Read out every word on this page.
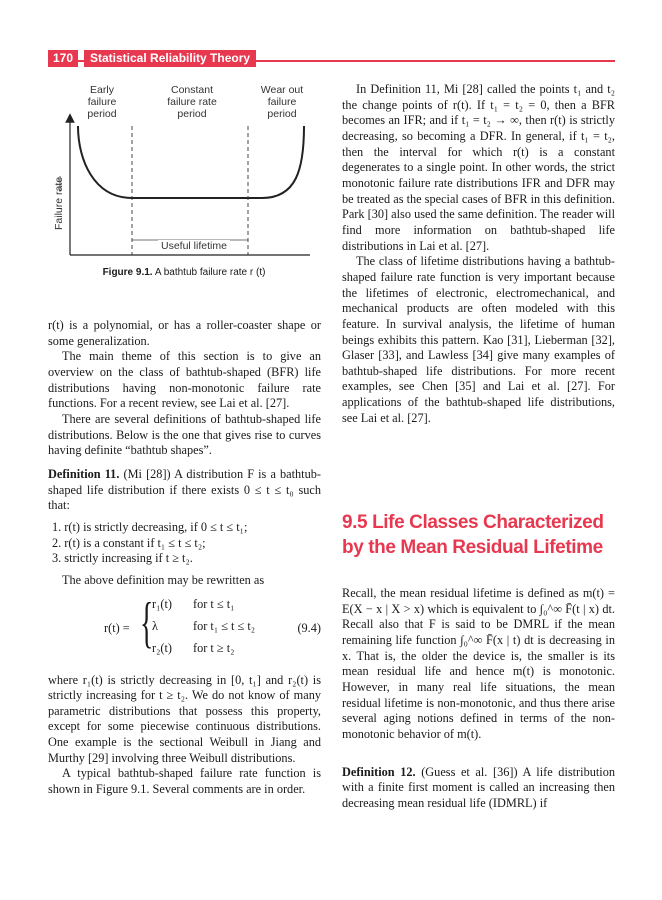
170	Statistical Reliability Theory
Early
failure
period
Constant
failure rate
period
Wear out
failure
period
Failure rate
Useful lifetime
Figure 9.1. A bathtub failure rate r (t)

r(t) is a polynomial, or has a roller-coaster shape or some generalization.

The main theme of this section is to give an overview on the class of bathtub-shaped (BFR) life distributions having non-monotonic failure rate functions. For a recent review, see Lai et al. [27].

There are several definitions of bathtub-shaped life distributions. Below is the one that gives rise to curves having definite “bathtub shapes”.

Definition 11. (Mi [28]) A distribution F is a bathtub-shaped life distribution if there exists 0 ≤ t ≤ t₀ such that:

1. r(t) is strictly decreasing, if 0 ≤ t ≤ t₁;
2. r(t) is a constant if t₁ ≤ t ≤ t₂;
3. strictly increasing if t ≥ t₂.

The above definition may be rewritten as

r(t) = {
r₁(t)
λ
r₂(t)
for t ≤ t₁
for t₁ ≤ t ≤ t₂
for t ≥ t₂
(9.4)

where r₁(t) is strictly decreasing in [0, t₁] and r₂(t) is strictly increasing for t ≥ t₂. We do not know of many parametric distributions that possess this property, except for some piecewise continuous distributions. One example is the sectional Weibull in Jiang and Murthy [29] involving three Weibull distributions.

A typical bathtub-shaped failure rate function is shown in Figure 9.1. Several comments are in order.

In Definition 11, Mi [28] called the points t₁ and t₂ the change points of r(t). If t₁ = t₂ = 0, then a BFR becomes an IFR; and if t₁ = t₂ → ∞, then r(t) is strictly decreasing, so becoming a DFR. In general, if t₁ = t₂, then the interval for which r(t) is a constant degenerates to a single point. In other words, the strict monotonic failure rate distributions IFR and DFR may be treated as the special cases of BFR in this definition. Park [30] also used the same definition. The reader will find more information on bathtub-shaped life distributions in Lai et al. [27].

The class of lifetime distributions having a bathtub-shaped failure rate function is very important because the lifetimes of electronic, electromechanical, and mechanical products are often modeled with this feature. In survival analysis, the lifetime of human beings exhibits this pattern. Kao [31], Lieberman [32], Glaser [33], and Lawless [34] give many examples of bathtub-shaped life distributions. For more recent examples, see Chen [35] and Lai et al. [27]. For applications of the bathtub-shaped life distributions, see Lai et al. [27].

9.5 Life Classes Characterized by the Mean Residual Lifetime

Recall, the mean residual lifetime is defined as m(t) = E(X − x | X > x) which is equivalent to ∫₀^∞ F̄(t | x) dt. Recall also that F is said to be DMRL if the mean remaining life function ∫₀^∞ F̄(x | t) dt is decreasing in x. That is, the older the device is, the smaller is its mean residual life and hence m(t) is monotonic. However, in many real life situations, the mean residual lifetime is non-monotonic, and thus there arise several aging notions defined in terms of the non-monotonic behavior of m(t).

Definition 12. (Guess et al. [36]) A life distribution with a finite first moment is called an increasing then decreasing mean residual life (IDMRL) if
